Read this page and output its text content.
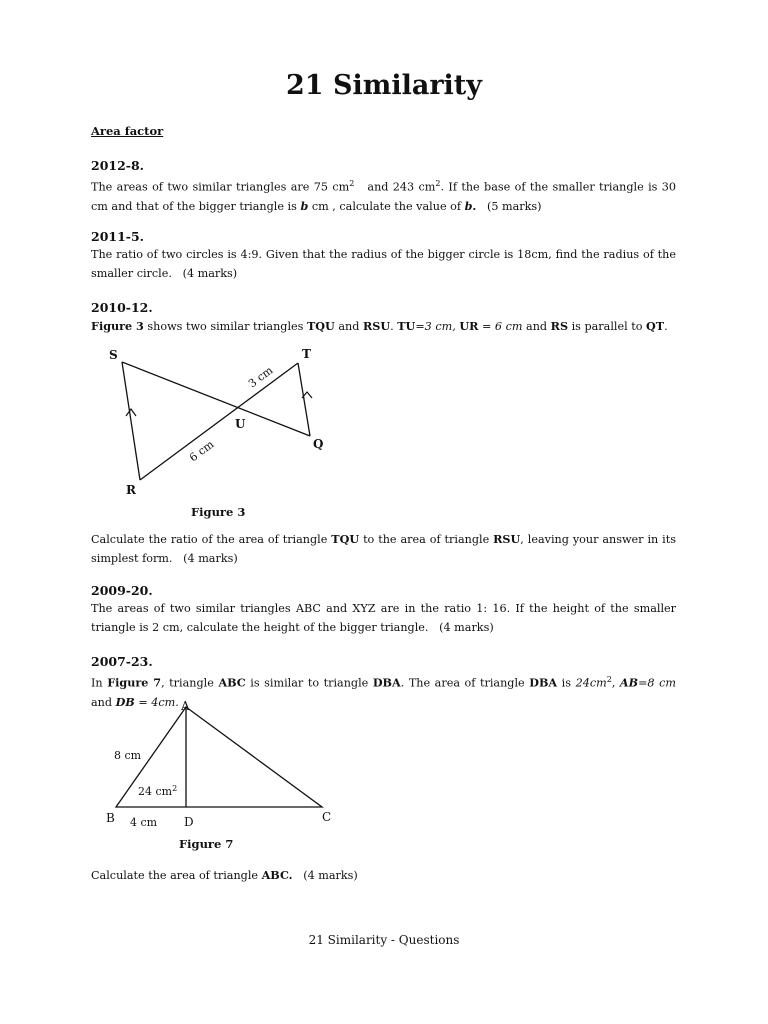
21 Similarity
Area factor
2012-8.
The areas of two similar triangles are 75 $cm^2$ and 243 $cm^2$. If the base of the smaller triangle is 30 cm and that of the bigger triangle is b cm , calculate the value of b. (5 marks)
2011-5.
The ratio of two circles is 4:9. Given that the radius of the bigger circle is 18cm, find the radius of the smaller circle. (4 marks)
2010-12.
Figure 3 shows two similar triangles TQU and RSU. TU=3 cm, UR = 6 cm and RS is parallel to QT.
S	T
U
Q
R
3 cm
6 cm
Figure 3
Calculate the ratio of the area of triangle TQU to the area of triangle RSU, leaving your answer in its simplest form. (4 marks)
2009-20.
The areas of two similar triangles ABC and XYZ are in the ratio 1: 16. If the height of the smaller triangle is 2 cm, calculate the height of the bigger triangle. (4 marks)
2007-23.
In Figure 7, triangle ABC is similar to triangle DBA. The area of triangle DBA is $24cm^2$, AB=8 cm and DB = 4cm. A
B	C
D
8 cm
24 $cm^2$
4 cm
Figure 7
Calculate the area of triangle ABC. (4 marks)
21 Similarity - Questions
